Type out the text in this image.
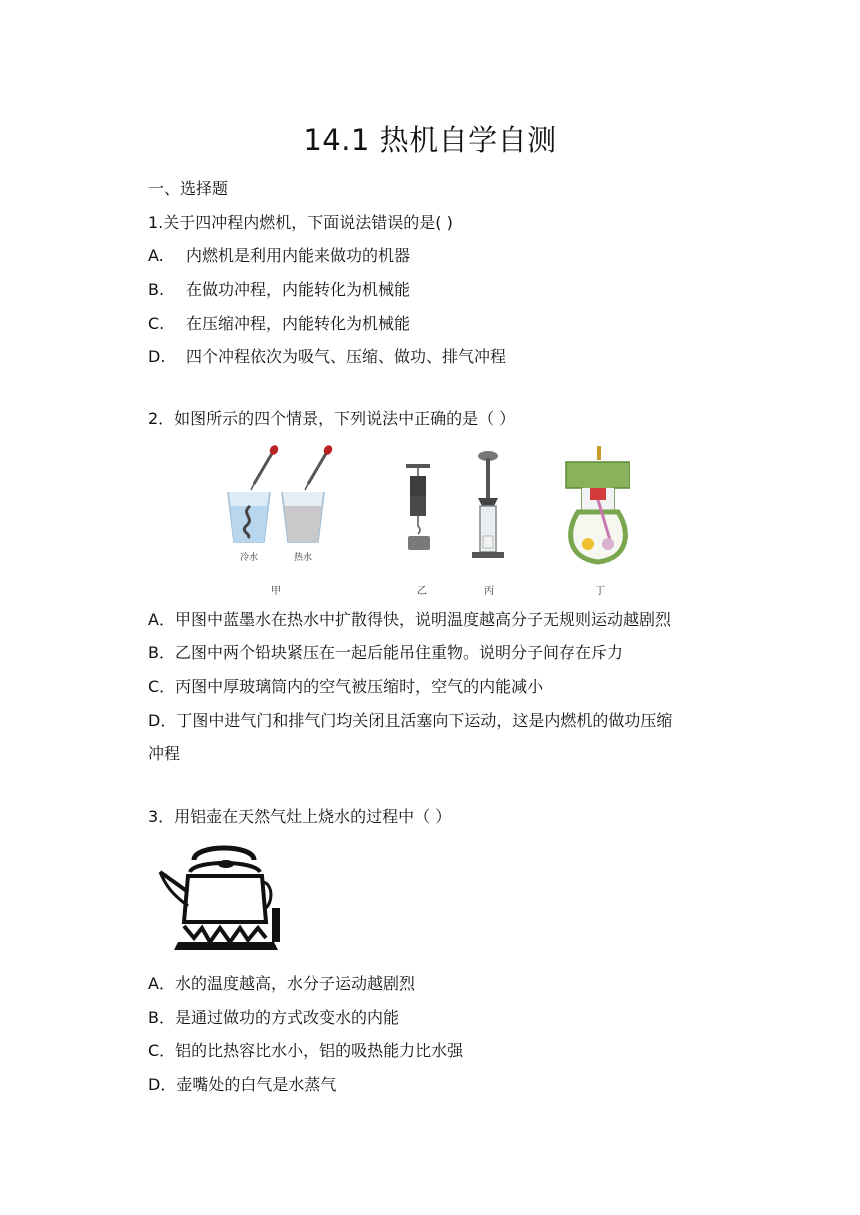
14.1 热机自学自测
一、选择题
1.关于四冲程内燃机，下面说法错误的是( )
A. 内燃机是利用内能来做功的机器
B. 在做功冲程，内能转化为机械能
C. 在压缩冲程，内能转化为机械能
D. 四个冲程依次为吸气、压缩、做功、排气冲程
2．如图所示的四个情景，下列说法中正确的是（ ）
冷水	热水
甲	乙	丙	丁
A．甲图中蓝墨水在热水中扩散得快，说明温度越高分子无规则运动越剧烈
B．乙图中两个铅块紧压在一起后能吊住重物。说明分子间存在斥力
C．丙图中厚玻璃筒内的空气被压缩时，空气的内能减小
D．丁图中进气门和排气门均关闭且活塞向下运动，这是内燃机的做功压缩
冲程
3．用铝壶在天然气灶上烧水的过程中（ ）
A．水的温度越高，水分子运动越剧烈
B．是通过做功的方式改变水的内能
C．铝的比热容比水小，铝的吸热能力比水强
D．壶嘴处的白气是水蒸气
